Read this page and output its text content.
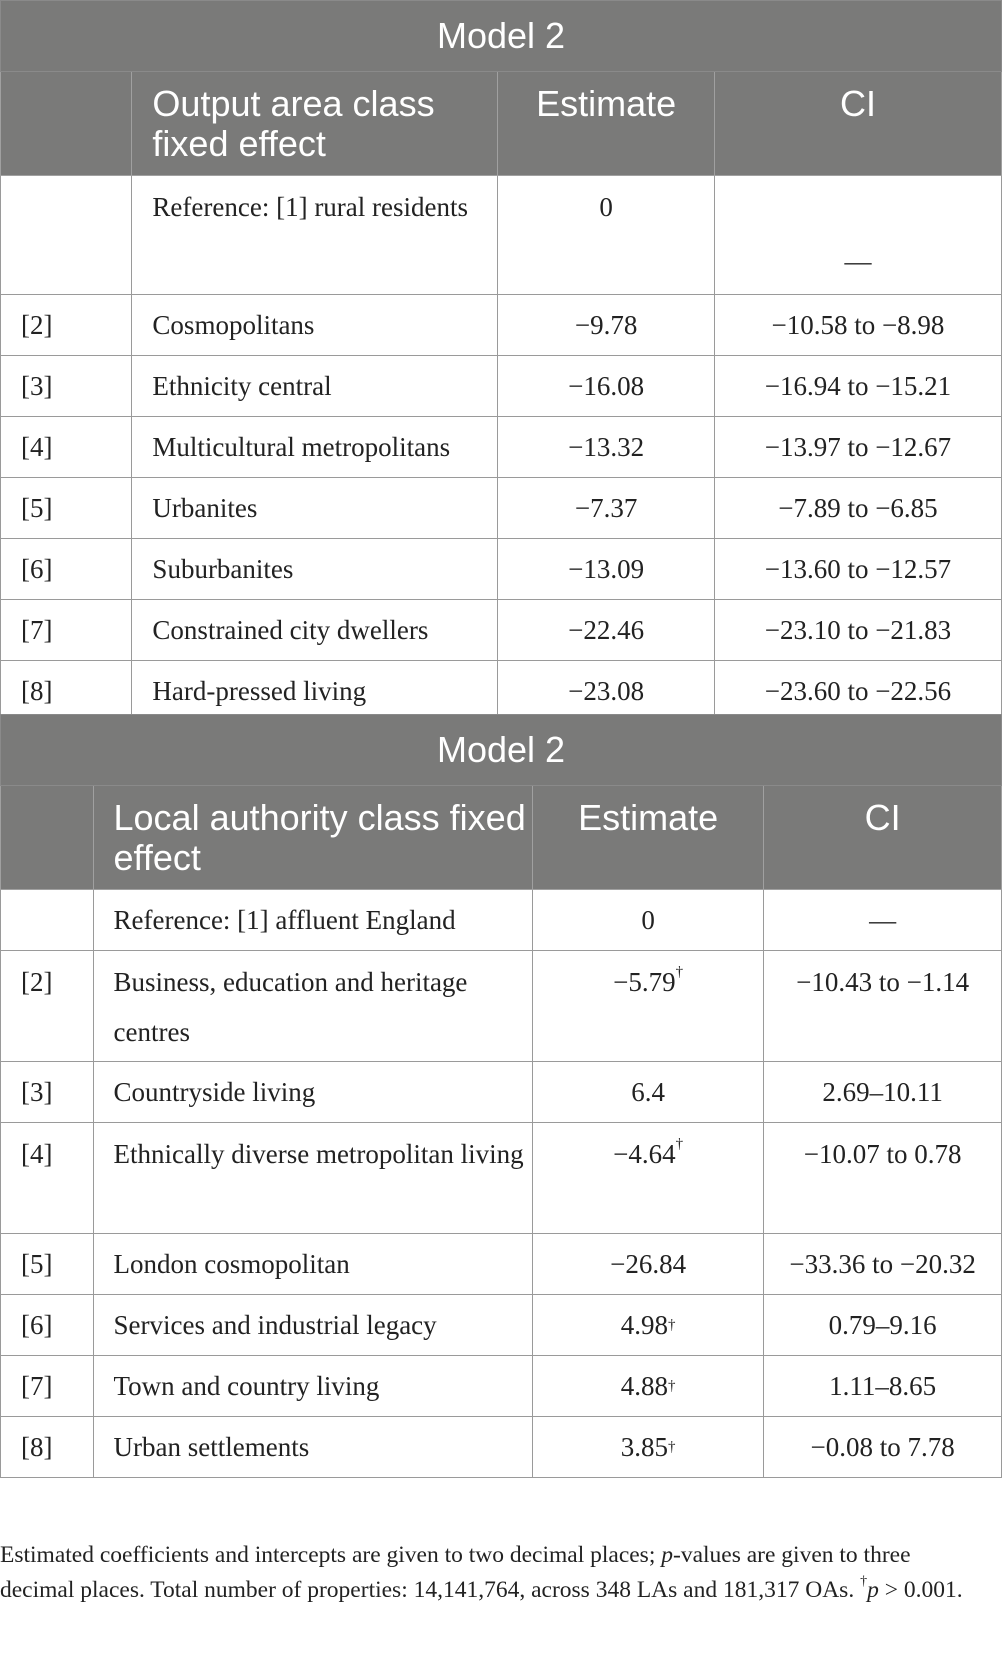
Model 2			
	Output area class fixed effect	Estimate	CI
	Reference: [1] rural residents	0	—
[2]	Cosmopolitans	−9.78	−10.58 to −8.98
[3]	Ethnicity central	−16.08	−16.94 to −15.21
[4]	Multicultural metropolitans	−13.32	−13.97 to −12.67
[5]	Urbanites	−7.37	−7.89 to −6.85
[6]	Suburbanites	−13.09	−13.60 to −12.57
[7]	Constrained city dwellers	−22.46	−23.10 to −21.83
[8]	Hard-pressed living	−23.08	−23.60 to −22.56
Model 2			
	Local authority class fixed effect	Estimate	CI
	Reference: [1] affluent England	0	—
[2]	Business, education and heritage centres	−5.79†	−10.43 to −1.14
[3]	Countryside living	6.4	2.69–10.11
[4]	Ethnically diverse metropolitan living	−4.64†	−10.07 to 0.78
[5]	London cosmopolitan	−26.84	−33.36 to −20.32
[6]	Services and industrial legacy	4.98†	0.79–9.16
[7]	Town and country living	4.88†	1.11–8.65
[8]	Urban settlements	3.85†	−0.08 to 7.78
Estimated coefficients and intercepts are given to two decimal places; p-values are given to three decimal places. Total number of properties: 14,141,764, across 348 LAs and 181,317 OAs. †p > 0.001.
